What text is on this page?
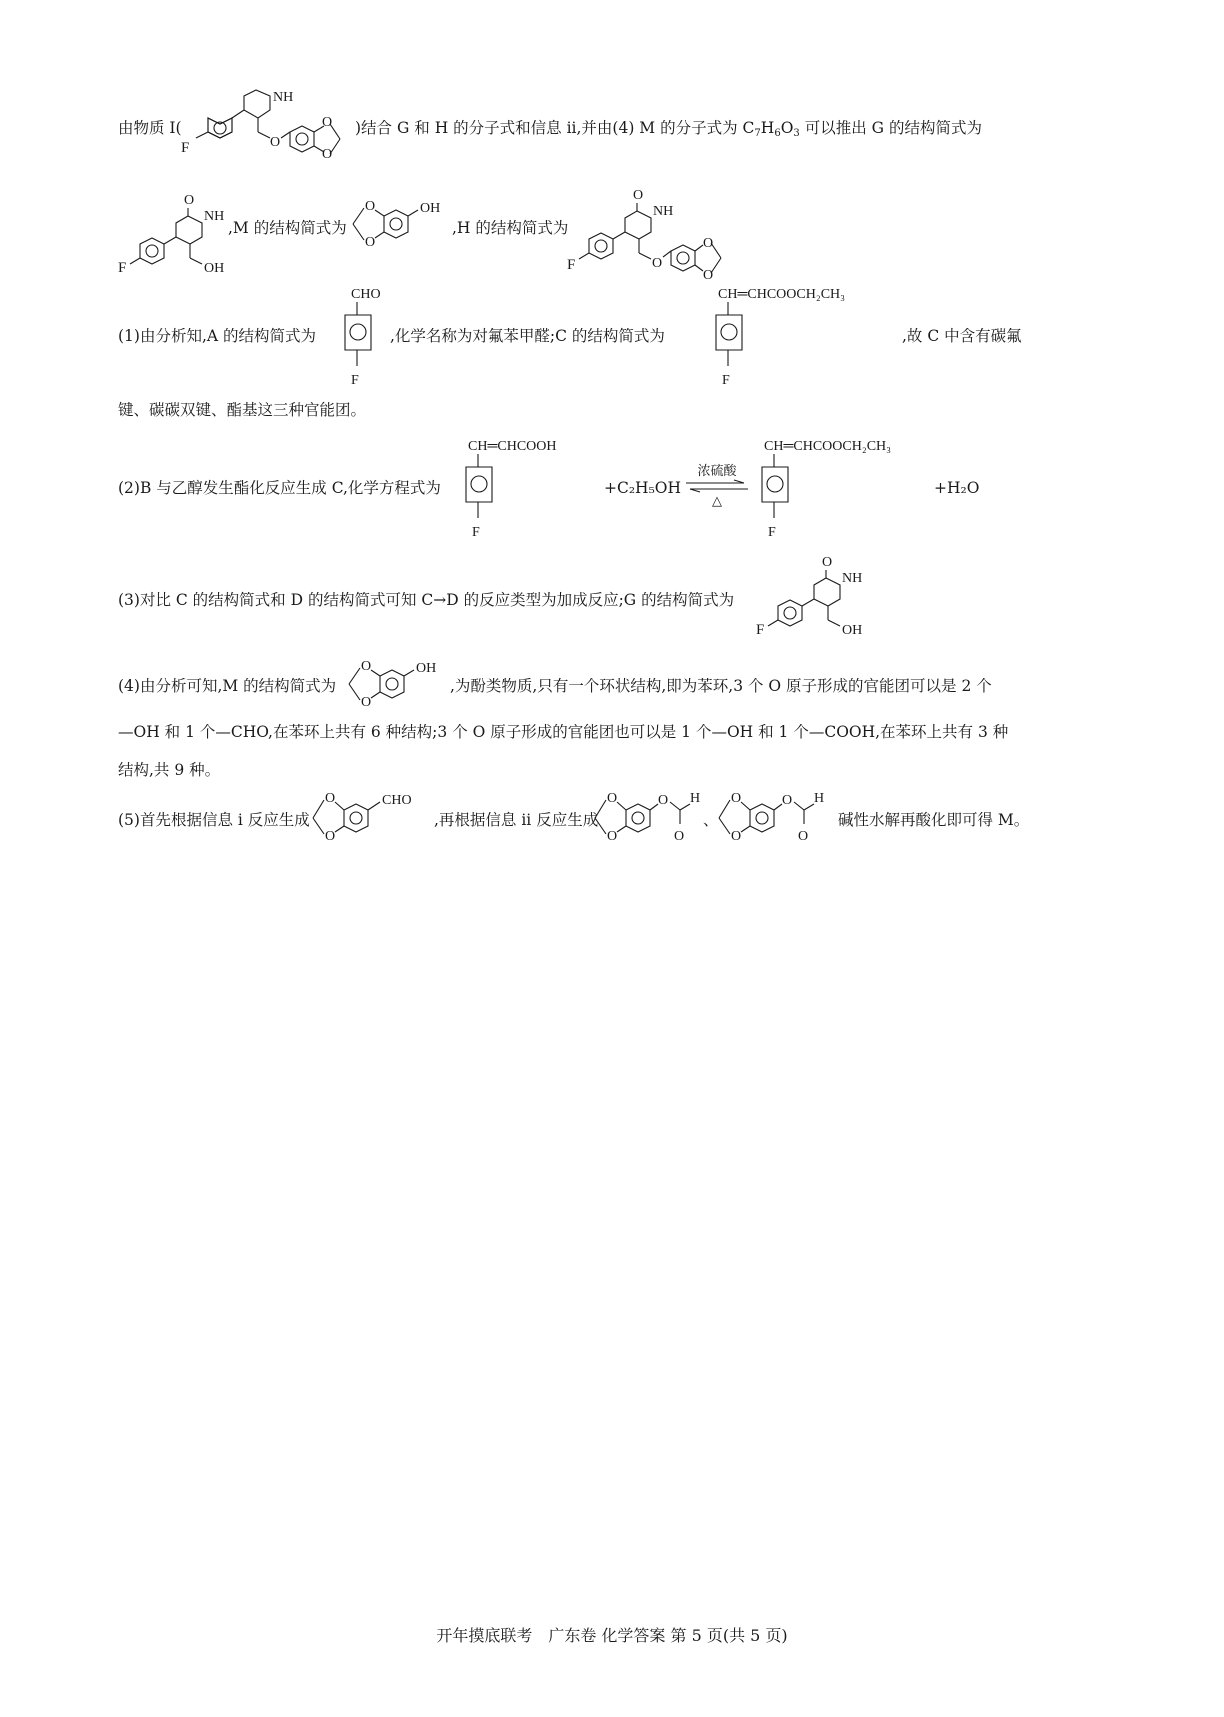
由物质 I(
F
NH
O
O
O
)结合 G 和 H 的分子式和信息 ii,并由(4) M 的分子式为 $C_7H_6O_3$ 可以推出 G 的结构简式为
O
NH
F	OH
,M 的结构简式为
O
O
OH
,H 的结构简式为
O
NH
F	O
O
O
(1)由分析知,A 的结构简式为
CHO
F
,化学名称为对氟苯甲醛;C 的结构简式为
CH═CHCOOCH₂CH₃
F
,故 C 中含有碳氟
键、碳碳双键、酯基这三种官能团。
(2)B 与乙醇发生酯化反应生成 C,化学方程式为
CH═CHCOOH
F
+C₂H₅OH
浓硫酸
△
CH═CHCOOCH₂CH₃
F
+H₂O
(3)对比 C 的结构简式和 D 的结构简式可知 C→D 的反应类型为加成反应;G 的结构简式为
O
NH
F	OH
(4)由分析可知,M 的结构简式为
O
O
OH
,为酚类物质,只有一个环状结构,即为苯环,3 个 O 原子形成的官能团可以是 2 个
—OH 和 1 个—CHO,在苯环上共有 6 种结构;3 个 O 原子形成的官能团也可以是 1 个—OH 和 1 个—COOH,在苯环上共有 3 种
结构,共 9 种。
(5)首先根据信息 i 反应生成
O
O
CHO
,再根据信息 ii 反应生成
O
O
O H
O
、
O
O
O H
O
碱性水解再酸化即可得 M。
开年摸底联考　广东卷 化学答案 第 5 页(共 5 页)
